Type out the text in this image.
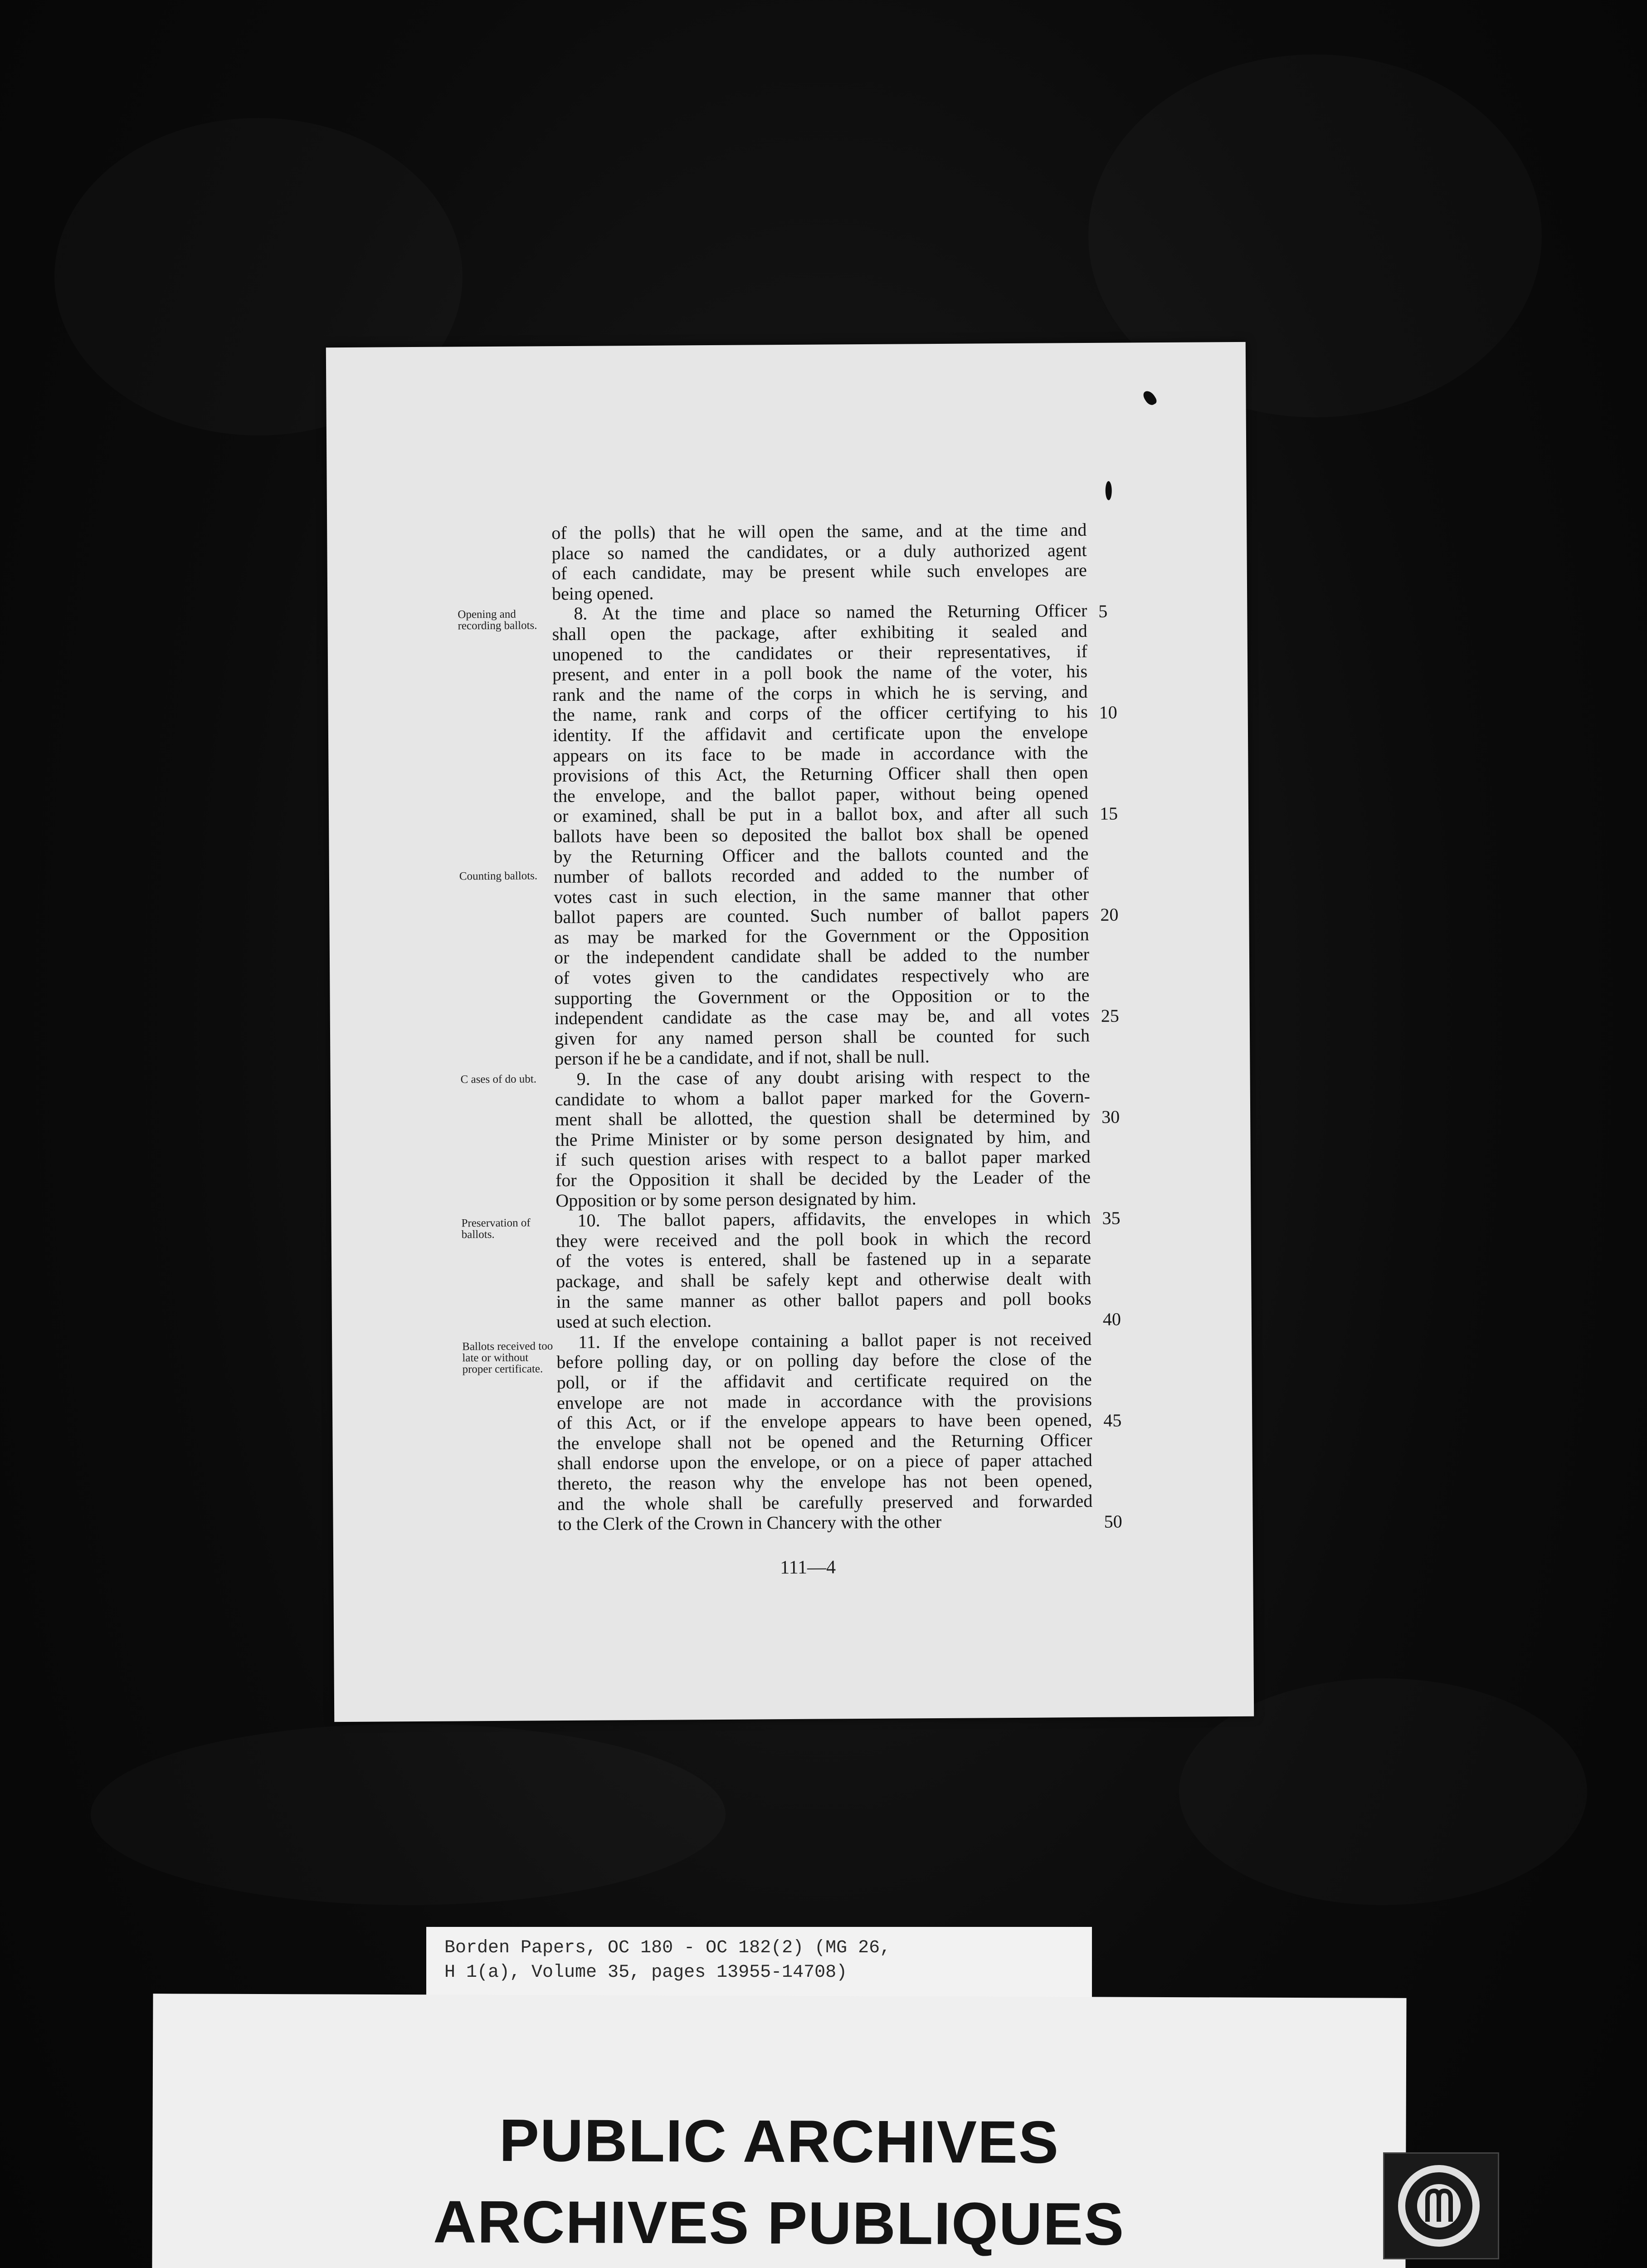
Opening and recording ballots.
Counting ballots.
C ases of do ubt.
Preservation of ballots.
Ballots received too late or without proper certificate.
of the polls) that he will open the same, and at the time and
place so named the candidates, or a duly authorized agent
of each candidate, may be present while such envelopes are
being opened.
8. At the time and place so named the Returning Officer
shall open the package, after exhibiting it sealed and
unopened to the candidates or their representatives, if
present, and enter in a poll book the name of the voter, his
rank and the name of the corps in which he is serving, and
the name, rank and corps of the officer certifying to his
identity. If the affidavit and certificate upon the envelope
appears on its face to be made in accordance with the
provisions of this Act, the Returning Officer shall then open
the envelope, and the ballot paper, without being opened
or examined, shall be put in a ballot box, and after all such
ballots have been so deposited the ballot box shall be opened
by the Returning Officer and the ballots counted and the
number of ballots recorded and added to the number of
votes cast in such election, in the same manner that other
ballot papers are counted. Such number of ballot papers
as may be marked for the Government or the Opposition
or the independent candidate shall be added to the number
of votes given to the candidates respectively who are
supporting the Government or the Opposition or to the
independent candidate as the case may be, and all votes
given for any named person shall be counted for such
person if he be a candidate, and if not, shall be null.
9. In the case of any doubt arising with respect to the
candidate to whom a ballot paper marked for the Govern-
ment shall be allotted, the question shall be determined by
the Prime Minister or by some person designated by him, and
if such question arises with respect to a ballot paper marked
for the Opposition it shall be decided by the Leader of the
Opposition or by some person designated by him.
10. The ballot papers, affidavits, the envelopes in which
they were received and the poll book in which the record
of the votes is entered, shall be fastened up in a separate
package, and shall be safely kept and otherwise dealt with
in the same manner as other ballot papers and poll books
used at such election.
11. If the envelope containing a ballot paper is not received
before polling day, or on polling day before the close of the
poll, or if the affidavit and certificate required on the
envelope are not made in accordance with the provisions
of this Act, or if the envelope appears to have been opened,
the envelope shall not be opened and the Returning Officer
shall endorse upon the envelope, or on a piece of paper attached
thereto, the reason why the envelope has not been opened,
and the whole shall be carefully preserved and forwarded
to the Clerk of the Crown in Chancery with the other
5
10
15
20
25
30
35
40
45
50
111—4
Borden Papers, OC 180 - OC 182(2) (MG 26,
H 1(a), Volume 35, pages 13955-14708)
PUBLIC ARCHIVES
ARCHIVES PUBLIQUES
